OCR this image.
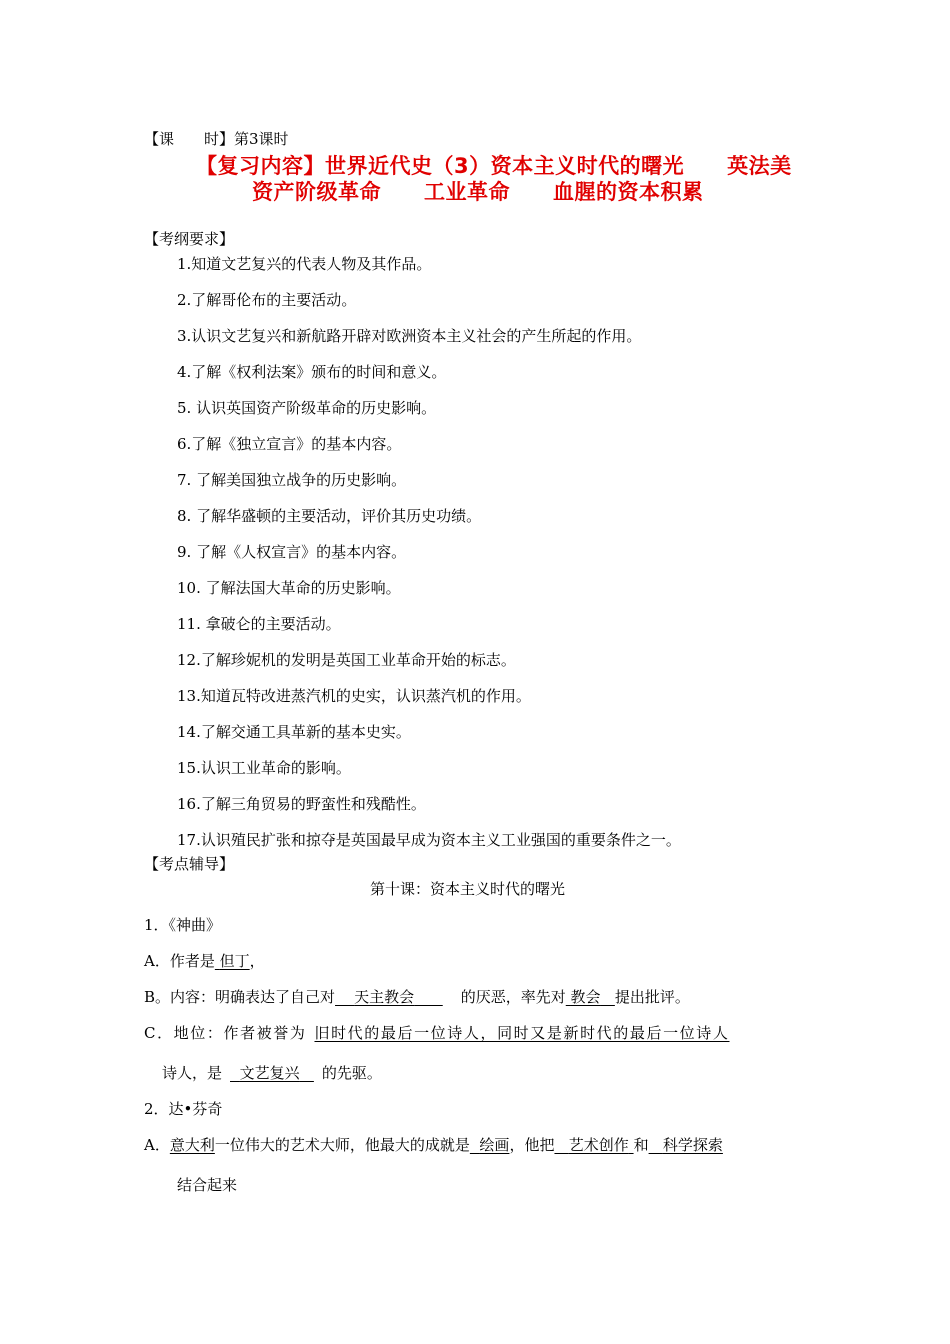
【课　　时】第3课时
【复习内容】世界近代史（3）资本主义时代的曙光　　英法美
资产阶级革命　　工业革命　　血腥的资本积累
【考纲要求】
1.知道文艺复兴的代表人物及其作品。
2.了解哥伦布的主要活动。
3.认识文艺复兴和新航路开辟对欧洲资本主义社会的产生所起的作用。
4.了解《权利法案》颁布的时间和意义。
5. 认识英国资产阶级革命的历史影响。
6.了解《独立宣言》的基本内容。
7. 了解美国独立战争的历史影响。
8. 了解华盛顿的主要活动，评价其历史功绩。
9. 了解《人权宣言》的基本内容。
10. 了解法国大革命的历史影响。
11. 拿破仑的主要活动。
12.了解珍妮机的发明是英国工业革命开始的标志。
13.知道瓦特改进蒸汽机的史实，认识蒸汽机的作用。
14.了解交通工具革新的基本史实。
15.认识工业革命的影响。
16.了解三角贸易的野蛮性和残酷性。
17.认识殖民扩张和掠夺是英国最早成为资本主义工业强国的重要条件之一。
【考点辅导】
第十课：资本主义时代的曙光
1．《神曲》
A．作者是 但丁，
B。内容：明确表达了自己对 天主教会	的厌恶，率先对 教会 提出批评。
C．地位：作者被誉为 旧时代的最后一位诗人，同时又是新时代的最后一位诗人
诗人，是 文艺复兴 的先驱。
2．达•芬奇
A．意大利一位伟大的艺术大师，他最大的成就是 绘画，他把 艺术创作 和 科学探索
结合起来
